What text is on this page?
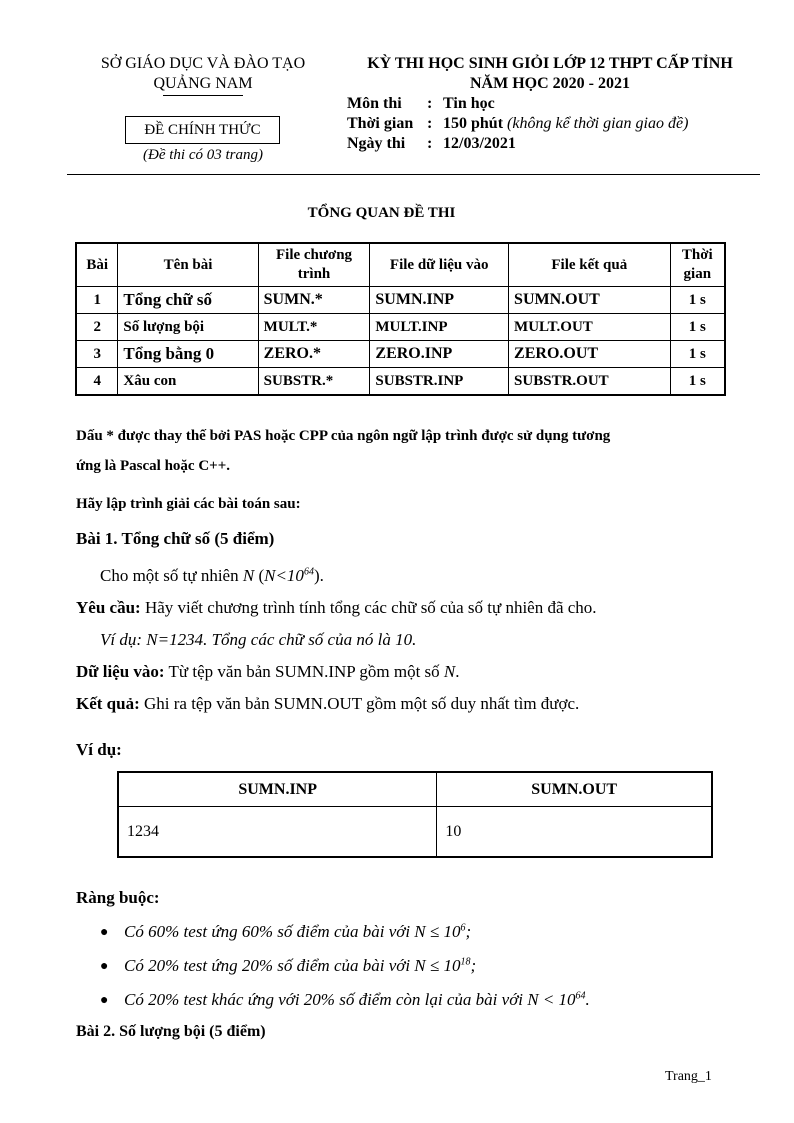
SỞ GIÁO DỤC VÀ ĐÀO TẠO
QUẢNG NAM
ĐỀ CHÍNH THỨC
(Đề thi có 03 trang)
KỲ THI HỌC SINH GIỎI LỚP 12 THPT CẤP TỈNH
NĂM HỌC 2020 - 2021
Môn thi	: Tin học
Thời gian : 150 phút (không kể thời gian giao đề)
Ngày thi	: 12/03/2021
TỔNG QUAN ĐỀ THI
Bài	Tên bài	File chương trình	File dữ liệu vào	File kết quả	Thời gian
1	Tổng chữ số	SUMN.*	SUMN.INP	SUMN.OUT	1 s
2	Số lượng bội	MULT.*	MULT.INP	MULT.OUT	1 s
3	Tổng bằng 0	ZERO.*	ZERO.INP	ZERO.OUT	1 s
4	Xâu con	SUBSTR.*	SUBSTR.INP	SUBSTR.OUT	1 s
Dấu * được thay thế bởi PAS hoặc CPP của ngôn ngữ lập trình được sử dụng tương
ứng là Pascal hoặc C++.
Hãy lập trình giải các bài toán sau:
Bài 1. Tổng chữ số (5 điểm)
Cho một số tự nhiên N $(N<10^{64})$.
Yêu cầu: Hãy viết chương trình tính tổng các chữ số của số tự nhiên đã cho.
Ví dụ: N=1234. Tổng các chữ số của nó là 10.
Dữ liệu vào: Từ tệp văn bản SUMN.INP gồm một số N.
Kết quả: Ghi ra tệp văn bản SUMN.OUT gồm một số duy nhất tìm được.
Ví dụ:
SUMN.INP	SUMN.OUT
1234	10
Ràng buộc:
● Có 60% test ứng 60% số điểm của bài với $N \le 10^6$;
● Có 20% test ứng 20% số điểm của bài với $N \le 10^{18}$;
● Có 20% test khác ứng với 20% số điểm còn lại của bài với $N < 10^{64}$.
Bài 2. Số lượng bội (5 điểm)
Trang_1
